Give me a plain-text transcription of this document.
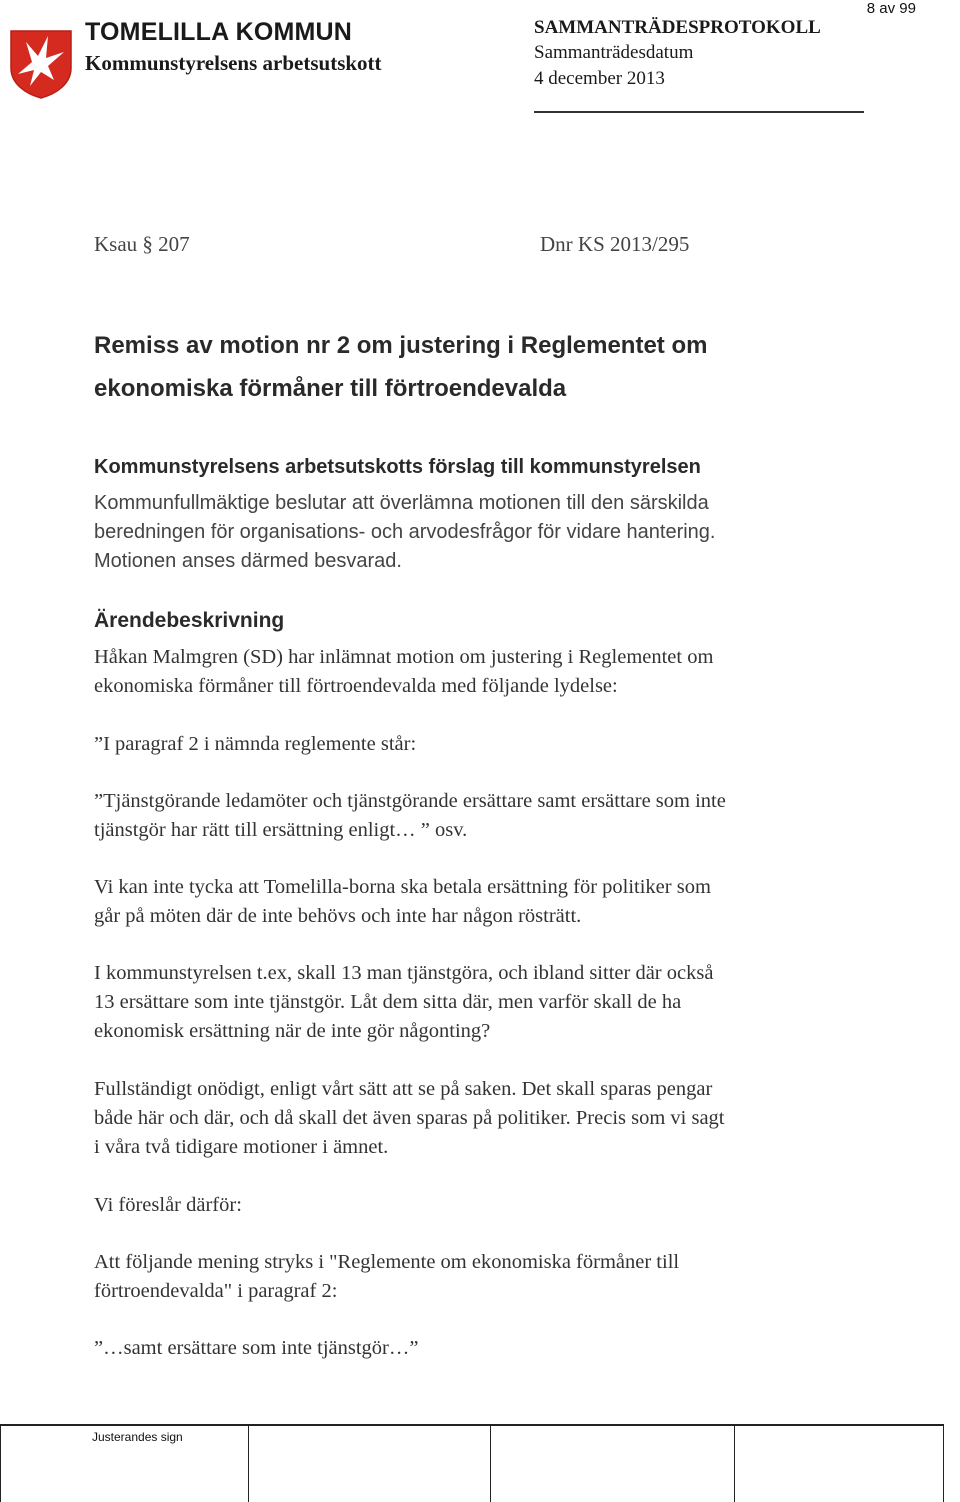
8 av 99
TOMELILLA KOMMUN
Kommunstyrelsens arbetsutskott
SAMMANTRÄDESPROTOKOLL
Sammanträdesdatum
4 december 2013
Ksau § 207	Dnr KS 2013/295
Remiss av motion nr 2 om justering i Reglementet om
ekonomiska förmåner till förtroendevalda
Kommunstyrelsens arbetsutskotts förslag till kommunstyrelsen
Kommunfullmäktige beslutar att överlämna motionen till den särskilda
beredningen för organisations- och arvodesfrågor för vidare hantering.
Motionen anses därmed besvarad.
Ärendebeskrivning
Håkan Malmgren (SD) har inlämnat motion om justering i Reglementet om
ekonomiska förmåner till förtroendevalda med följande lydelse:
”I paragraf 2 i nämnda reglemente står:
”Tjänstgörande ledamöter och tjänstgörande ersättare samt ersättare som inte
tjänstgör har rätt till ersättning enligt… ” osv.
Vi kan inte tycka att Tomelilla-borna ska betala ersättning för politiker som
går på möten där de inte behövs och inte har någon rösträtt.
I kommunstyrelsen t.ex, skall 13 man tjänstgöra, och ibland sitter där också
13 ersättare som inte tjänstgör. Låt dem sitta där, men varför skall de ha
ekonomisk ersättning när de inte gör någonting?
Fullständigt onödigt, enligt vårt sätt att se på saken. Det skall sparas pengar
både här och där, och då skall det även sparas på politiker. Precis som vi sagt
i våra två tidigare motioner i ämnet.
Vi föreslår därför:
Att följande mening stryks i "Reglemente om ekonomiska förmåner till
förtroendevalda" i paragraf 2:
”…samt ersättare som inte tjänstgör…”
Justerandes sign
